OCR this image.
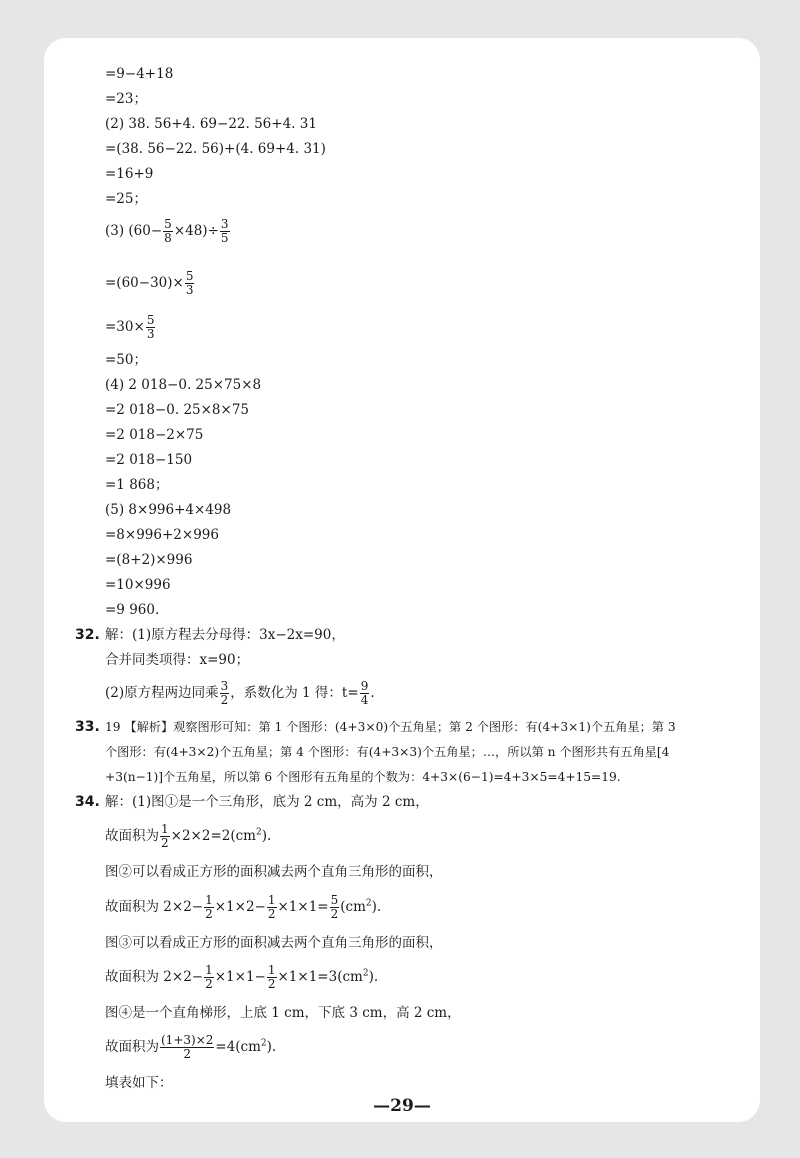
=9−4+18
=23；
(2) 38. 56+4. 69−22. 56+4. 31
=(38. 56−22. 56)+(4. 69+4. 31)
=16+9
=25；
(3) $(60- \frac{5}{8} \times 48)\div \frac{3}{5}$
$=(60-30)\times \frac{5}{3}$
$=30\times \frac{5}{3}$
=50；
(4) 2 018−0. 25×75×8
=2 018−0. 25×8×75
=2 018−2×75
=2 018−150
=1 868；
(5) 8×996+4×498
=8×996+2×996
=(8+2)×996
=10×996
=9 960.
32. 解：(1)原方程去分母得：3x−2x=90，
合并同类项得：x=90；
(2)原方程两边同乘 $\frac{3}{2}$ ，系数化为 1 得：$t= \frac{9}{4}$ .
33. 19 【解析】观察图形可知：第 1 个图形：(4+3×0)个五角星；第 2 个图形：有(4+3×1)个五角星；第 3
个图形：有(4+3×2)个五角星；第 4 个图形：有(4+3×3)个五角星；…，所以第 n 个图形共有五角星[4
+3(n−1)]个五角星，所以第 6 个图形有五角星的个数为：4+3×(6−1)=4+3×5=4+15=19.
34. 解：(1)图①是一个三角形，底为 2 cm，高为 2 cm，
故面积为 $\frac{1}{2} \times 2\times 2=2(cm^2)$.
图②可以看成正方形的面积减去两个直角三角形的面积，
故面积为 $2\times 2- \frac{1}{2} \times 1\times 2- \frac{1}{2} \times 1\times 1= \frac{5}{2} (cm^2)$.
图③可以看成正方形的面积减去两个直角三角形的面积，
故面积为 $2\times 2- \frac{1}{2} \times 1\times 1- \frac{1}{2} \times 1\times 1=3(cm^2)$.
图④是一个直角梯形，上底 1 cm，下底 3 cm，高 2 cm，
故面积为 $\frac{(1+3)\times 2}{2} =4(cm^2)$.
填表如下：
—29—
